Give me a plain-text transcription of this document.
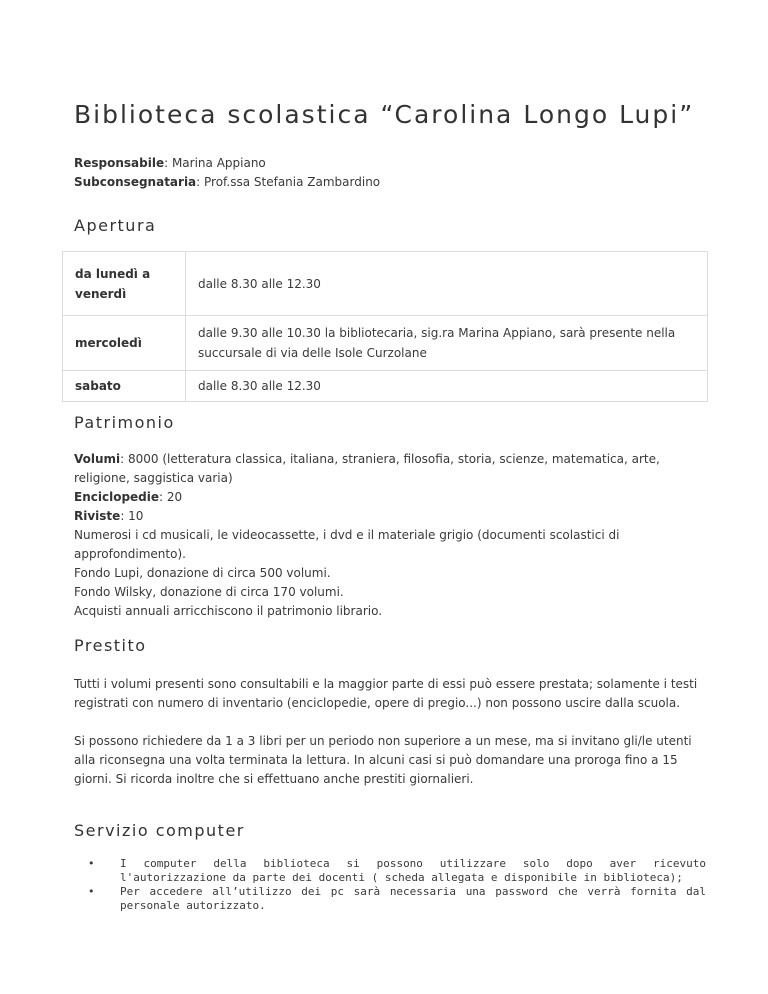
Biblioteca scolastica “Carolina Longo Lupi”
Responsabile: Marina Appiano
Subconsegnataria: Prof.ssa Stefania Zambardino
Apertura
da lunedì a venerdì	dalle 8.30 alle 12.30
mercoledì	dalle 9.30 alle 10.30 la bibliotecaria, sig.ra Marina Appiano, sarà presente nella succursale di via delle Isole Curzolane
sabato	dalle 8.30 alle 12.30
Patrimonio

Volumi: 8000 (letteratura classica, italiana, straniera, filosofia, storia, scienze, matematica, arte, religione, saggistica varia)

Enciclopedie: 20

Riviste: 10

Numerosi i cd musicali, le videocassette, i dvd e il materiale grigio (documenti scolastici di approfondimento).

Fondo Lupi, donazione di circa 500 volumi.

Fondo Wilsky, donazione di circa 170 volumi.

Acquisti annuali arricchiscono il patrimonio librario.

Prestito

Tutti i volumi presenti sono consultabili e la maggior parte di essi può essere prestata; solamente i testi registrati con numero di inventario (enciclopedie, opere di pregio...) non possono uscire dalla scuola.

Si possono richiedere da 1 a 3 libri per un periodo non superiore a un mese, ma si invitano gli/le utenti alla riconsegna una volta terminata la lettura. In alcuni casi si può domandare una proroga fino a 15 giorni. Si ricorda inoltre che si effettuano anche prestiti giornalieri.

Servizio computer
• I computer della biblioteca si possono utilizzare solo dopo aver ricevuto l'autorizzazione da parte dei docenti ( scheda allegata e disponibile in biblioteca);
• Per accedere all’utilizzo dei pc sarà necessaria una password che verrà fornita dal personale autorizzato.
